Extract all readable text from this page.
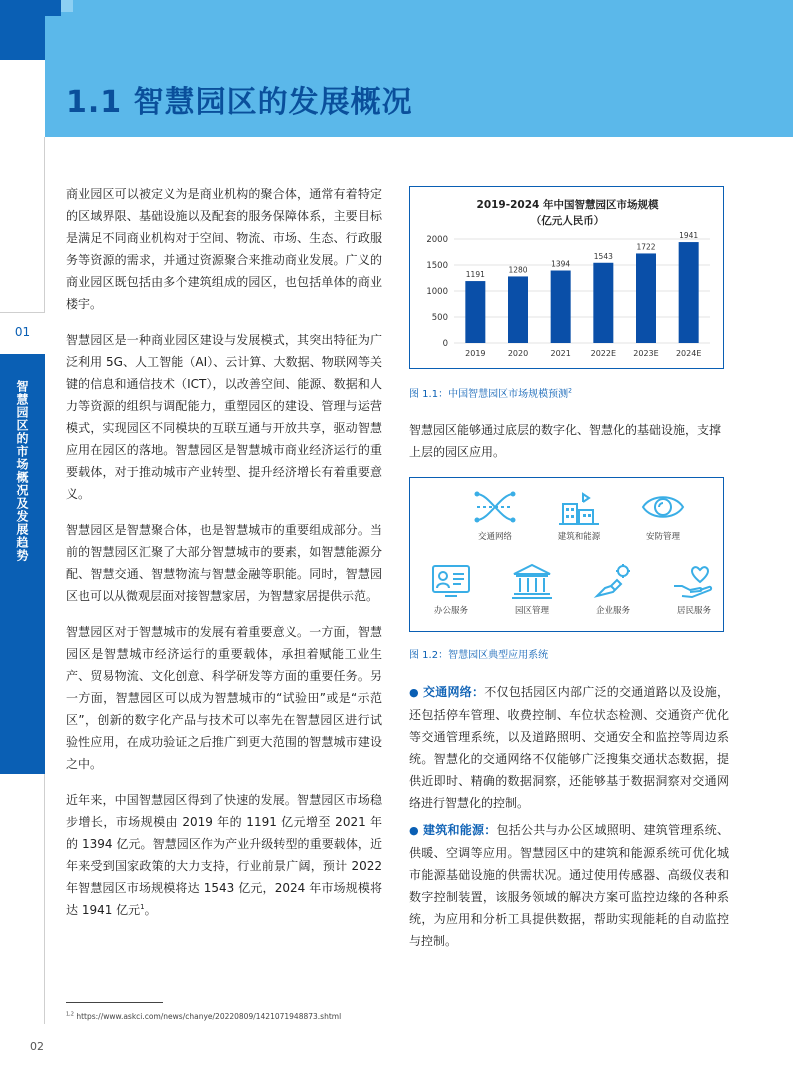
1.1 智慧园区的发展概况
01
智慧园区的市场概况及发展趋势
02

商业园区可以被定义为是商业机构的聚合体，通常有着特定的区域界限、基础设施以及配套的服务保障体系，主要目标是满足不同商业机构对于空间、物流、市场、生态、行政服务等资源的需求，并通过资源聚合来推动商业发展。广义的商业园区既包括由多个建筑组成的园区，也包括单体的商业楼宇。

智慧园区是一种商业园区建设与发展模式，其突出特征为广泛利用 5G、人工智能（AI）、云计算、大数据、物联网等关键的信息和通信技术（ICT），以改善空间、能源、数据和人力等资源的组织与调配能力，重塑园区的建设、管理与运营模式，实现园区不同模块的互联互通与开放共享，驱动智慧应用在园区的落地。智慧园区是智慧城市商业经济运行的重要载体，对于推动城市产业转型、提升经济增长有着重要意义。

智慧园区是智慧聚合体，也是智慧城市的重要组成部分。当前的智慧园区汇聚了大部分智慧城市的要素，如智慧能源分配、智慧交通、智慧物流与智慧金融等职能。同时，智慧园区也可以从微观层面对接智慧家居，为智慧家居提供示范。

智慧园区对于智慧城市的发展有着重要意义。一方面，智慧园区是智慧城市经济运行的重要载体，承担着赋能工业生产、贸易物流、文化创意、科学研发等方面的重要任务。另一方面，智慧园区可以成为智慧城市的“试验田”或是“示范区”，创新的数字化产品与技术可以率先在智慧园区进行试验性应用，在成功验证之后推广到更大范围的智慧城市建设之中。

近年来，中国智慧园区得到了快速的发展。智慧园区市场稳步增长，市场规模由 2019 年的 1191 亿元增至 2021 年的 1394 亿元。智慧园区作为产业升级转型的重要载体，近年来受到国家政策的大力支持，行业前景广阔，预计 2022 年智慧园区市场规模将达 1543 亿元，2024 年市场规模将达 1941 亿元$^1$。

2019-2024 年中国智慧园区市场规模
（亿元人民币）
0
500
1000
1500
2000
1191
2019
1280
2020
1394
2021
1543
2022E
1722
2023E
1941
2024E
图 1.1：中国智慧园区市场规模预测$^2$
智慧园区能够通过底层的数字化、智慧化的基础设施，支撑上层的园区应用。
交通网络	建筑和能源	安防管理
办公服务	园区管理	企业服务	居民服务
图 1.2：智慧园区典型应用系统
● 交通网络：不仅包括园区内部广泛的交通道路以及设施，还包括停车管理、收费控制、车位状态检测、交通资产优化等交通管理系统，以及道路照明、交通安全和监控等周边系统。智慧化的交通网络不仅能够广泛搜集交通状态数据，提供近即时、精确的数据洞察，还能够基于数据洞察对交通网络进行智慧化的控制。
● 建筑和能源：包括公共与办公区域照明、建筑管理系统、供暖、空调等应用。智慧园区中的建筑和能源系统可优化城市能源基础设施的供需状况。通过使用传感器、高级仪表和数字控制装置，该服务领域的解决方案可监控边缘的各种系统，为应用和分析工具提供数据，帮助实现能耗的自动监控与控制。
$^{1,2}$ https://www.askci.com/news/chanye/20220809/1421071948873.shtml
